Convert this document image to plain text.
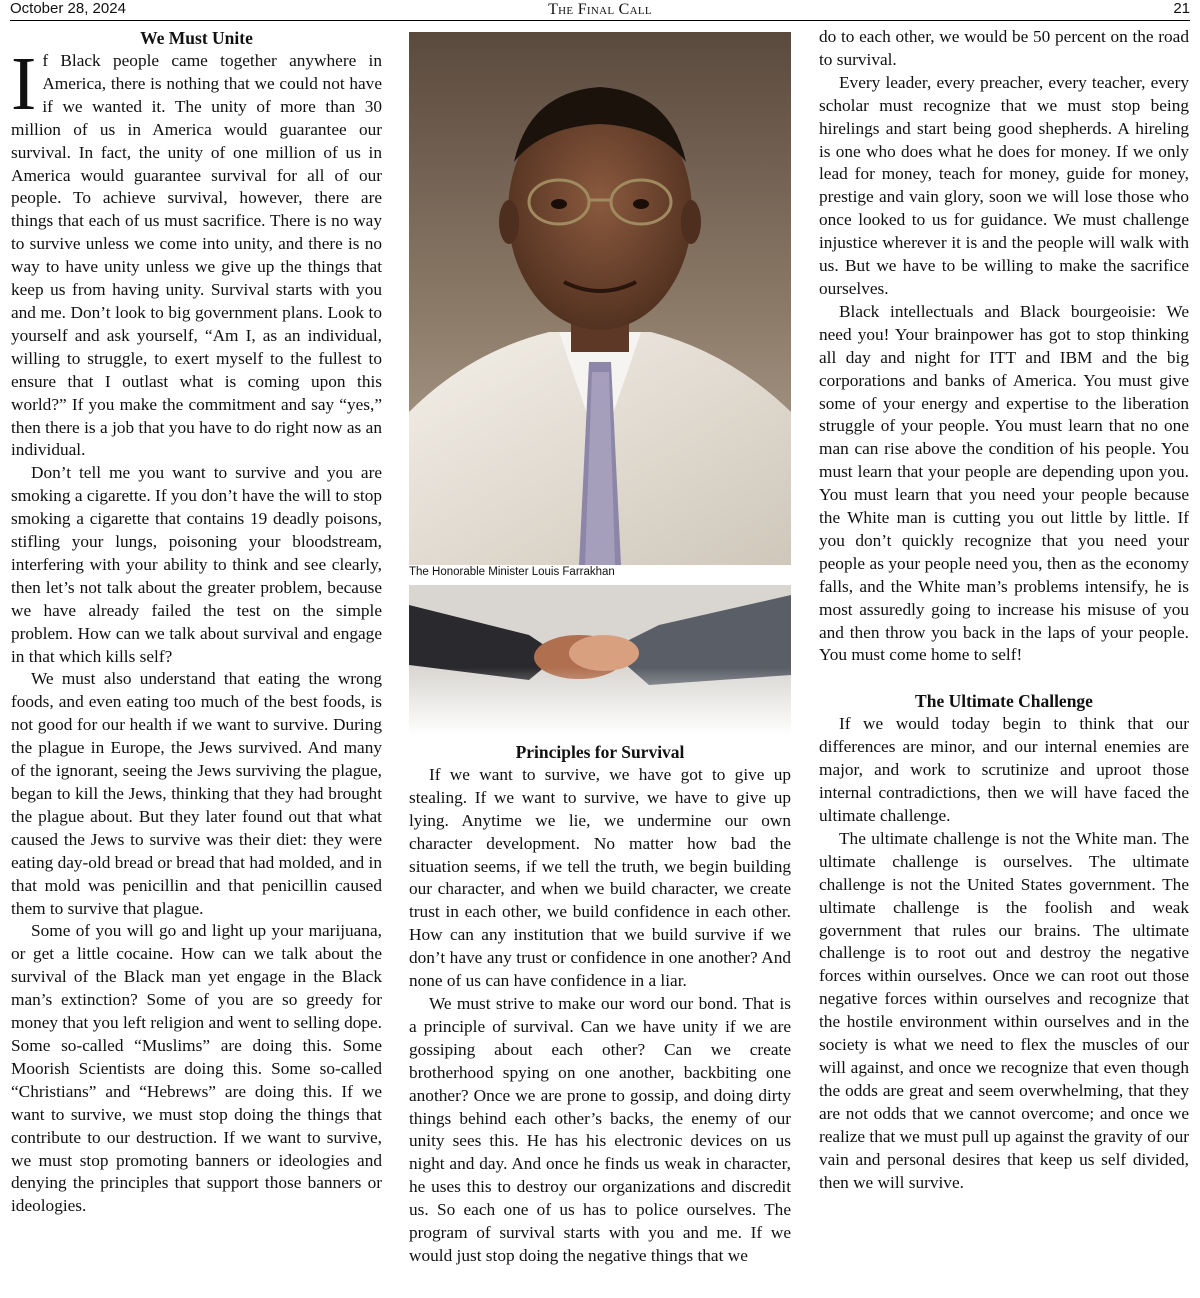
October 28, 2024	The Final Call	21
We Must Unite

If Black people came together anywhere in America, there is nothing that we could not have if we wanted it. The unity of more than 30 million of us in America would guarantee our survival. In fact, the unity of one million of us in America would guarantee survival for all of our people. To achieve survival, however, there are things that each of us must sacrifice. There is no way to survive unless we come into unity, and there is no way to have unity unless we give up the things that keep us from having unity. Survival starts with you and me. Don’t look to big government plans. Look to yourself and ask yourself, “Am I, as an individual, willing to struggle, to exert myself to the fullest to ensure that I outlast what is coming upon this world?” If you make the commitment and say “yes,” then there is a job that you have to do right now as an individual.

Don’t tell me you want to survive and you are smoking a cigarette. If you don’t have the will to stop smoking a cigarette that contains 19 deadly poisons, stifling your lungs, poisoning your bloodstream, interfering with your ability to think and see clearly, then let’s not talk about the greater problem, because we have already failed the test on the simple problem. How can we talk about survival and engage in that which kills self?

We must also understand that eating the wrong foods, and even eating too much of the best foods, is not good for our health if we want to survive. During the plague in Europe, the Jews survived. And many of the ignorant, seeing the Jews surviving the plague, began to kill the Jews, thinking that they had brought the plague about. But they later found out that what caused the Jews to survive was their diet: they were eating day-old bread or bread that had molded, and in that mold was penicillin and that penicillin caused them to survive that plague.

Some of you will go and light up your marijuana, or get a little cocaine. How can we talk about the survival of the Black man yet engage in the Black man’s extinction? Some of you are so greedy for money that you left religion and went to selling dope. Some so-called “Muslims” are doing this. Some Moorish Scientists are doing this. Some so-called “Christians” and “Hebrews” are doing this. If we want to survive, we must stop doing the things that contribute to our destruction. If we want to survive, we must stop promoting banners or ideologies and denying the principles that support those banners or ideologies.

The Honorable Minister Louis Farrakhan
Principles for Survival

If we want to survive, we have got to give up stealing. If we want to survive, we have to give up lying. Anytime we lie, we undermine our own character development. No matter how bad the situation seems, if we tell the truth, we begin building our character, and when we build character, we create trust in each other, we build confidence in each other. How can any institution that we build survive if we don’t have any trust or confidence in one another? And none of us can have confidence in a liar.

We must strive to make our word our bond. That is a principle of survival. Can we have unity if we are gossiping about each other? Can we create brotherhood spying on one another, backbiting one another? Once we are prone to gossip, and doing dirty things behind each other’s backs, the enemy of our unity sees this. He has his electronic devices on us night and day. And once he finds us weak in character, he uses this to destroy our organizations and discredit us. So each one of us has to police ourselves. The program of survival starts with you and me. If we would just stop doing the negative things that we

do to each other, we would be 50 percent on the road to survival.

Every leader, every preacher, every teacher, every scholar must recognize that we must stop being hirelings and start being good shepherds. A hireling is one who does what he does for money. If we only lead for money, teach for money, guide for money, prestige and vain glory, soon we will lose those who once looked to us for guidance. We must challenge injustice wherever it is and the people will walk with us. But we have to be willing to make the sacrifice ourselves.

Black intellectuals and Black bourgeoisie: We need you! Your brainpower has got to stop thinking all day and night for ITT and IBM and the big corporations and banks of America. You must give some of your energy and expertise to the liberation struggle of your people. You must learn that no one man can rise above the condition of his people. You must learn that your people are depending upon you. You must learn that you need your people because the White man is cutting you out little by little. If you don’t quickly recognize that you need your people as your people need you, then as the economy falls, and the White man’s problems intensify, he is most assuredly going to increase his misuse of you and then throw you back in the laps of your people. You must come home to self!

The Ultimate Challenge

If we would today begin to think that our differences are minor, and our internal enemies are major, and work to scrutinize and uproot those internal contradictions, then we will have faced the ultimate challenge.

The ultimate challenge is not the White man. The ultimate challenge is ourselves. The ultimate challenge is not the United States government. The ultimate challenge is the foolish and weak government that rules our brains. The ultimate challenge is to root out and destroy the negative forces within ourselves. Once we can root out those negative forces within ourselves and recognize that the hostile environment within ourselves and in the society is what we need to flex the muscles of our will against, and once we recognize that even though the odds are great and seem overwhelming, that they are not odds that we cannot overcome; and once we realize that we must pull up against the gravity of our vain and personal desires that keep us self divided, then we will survive.
